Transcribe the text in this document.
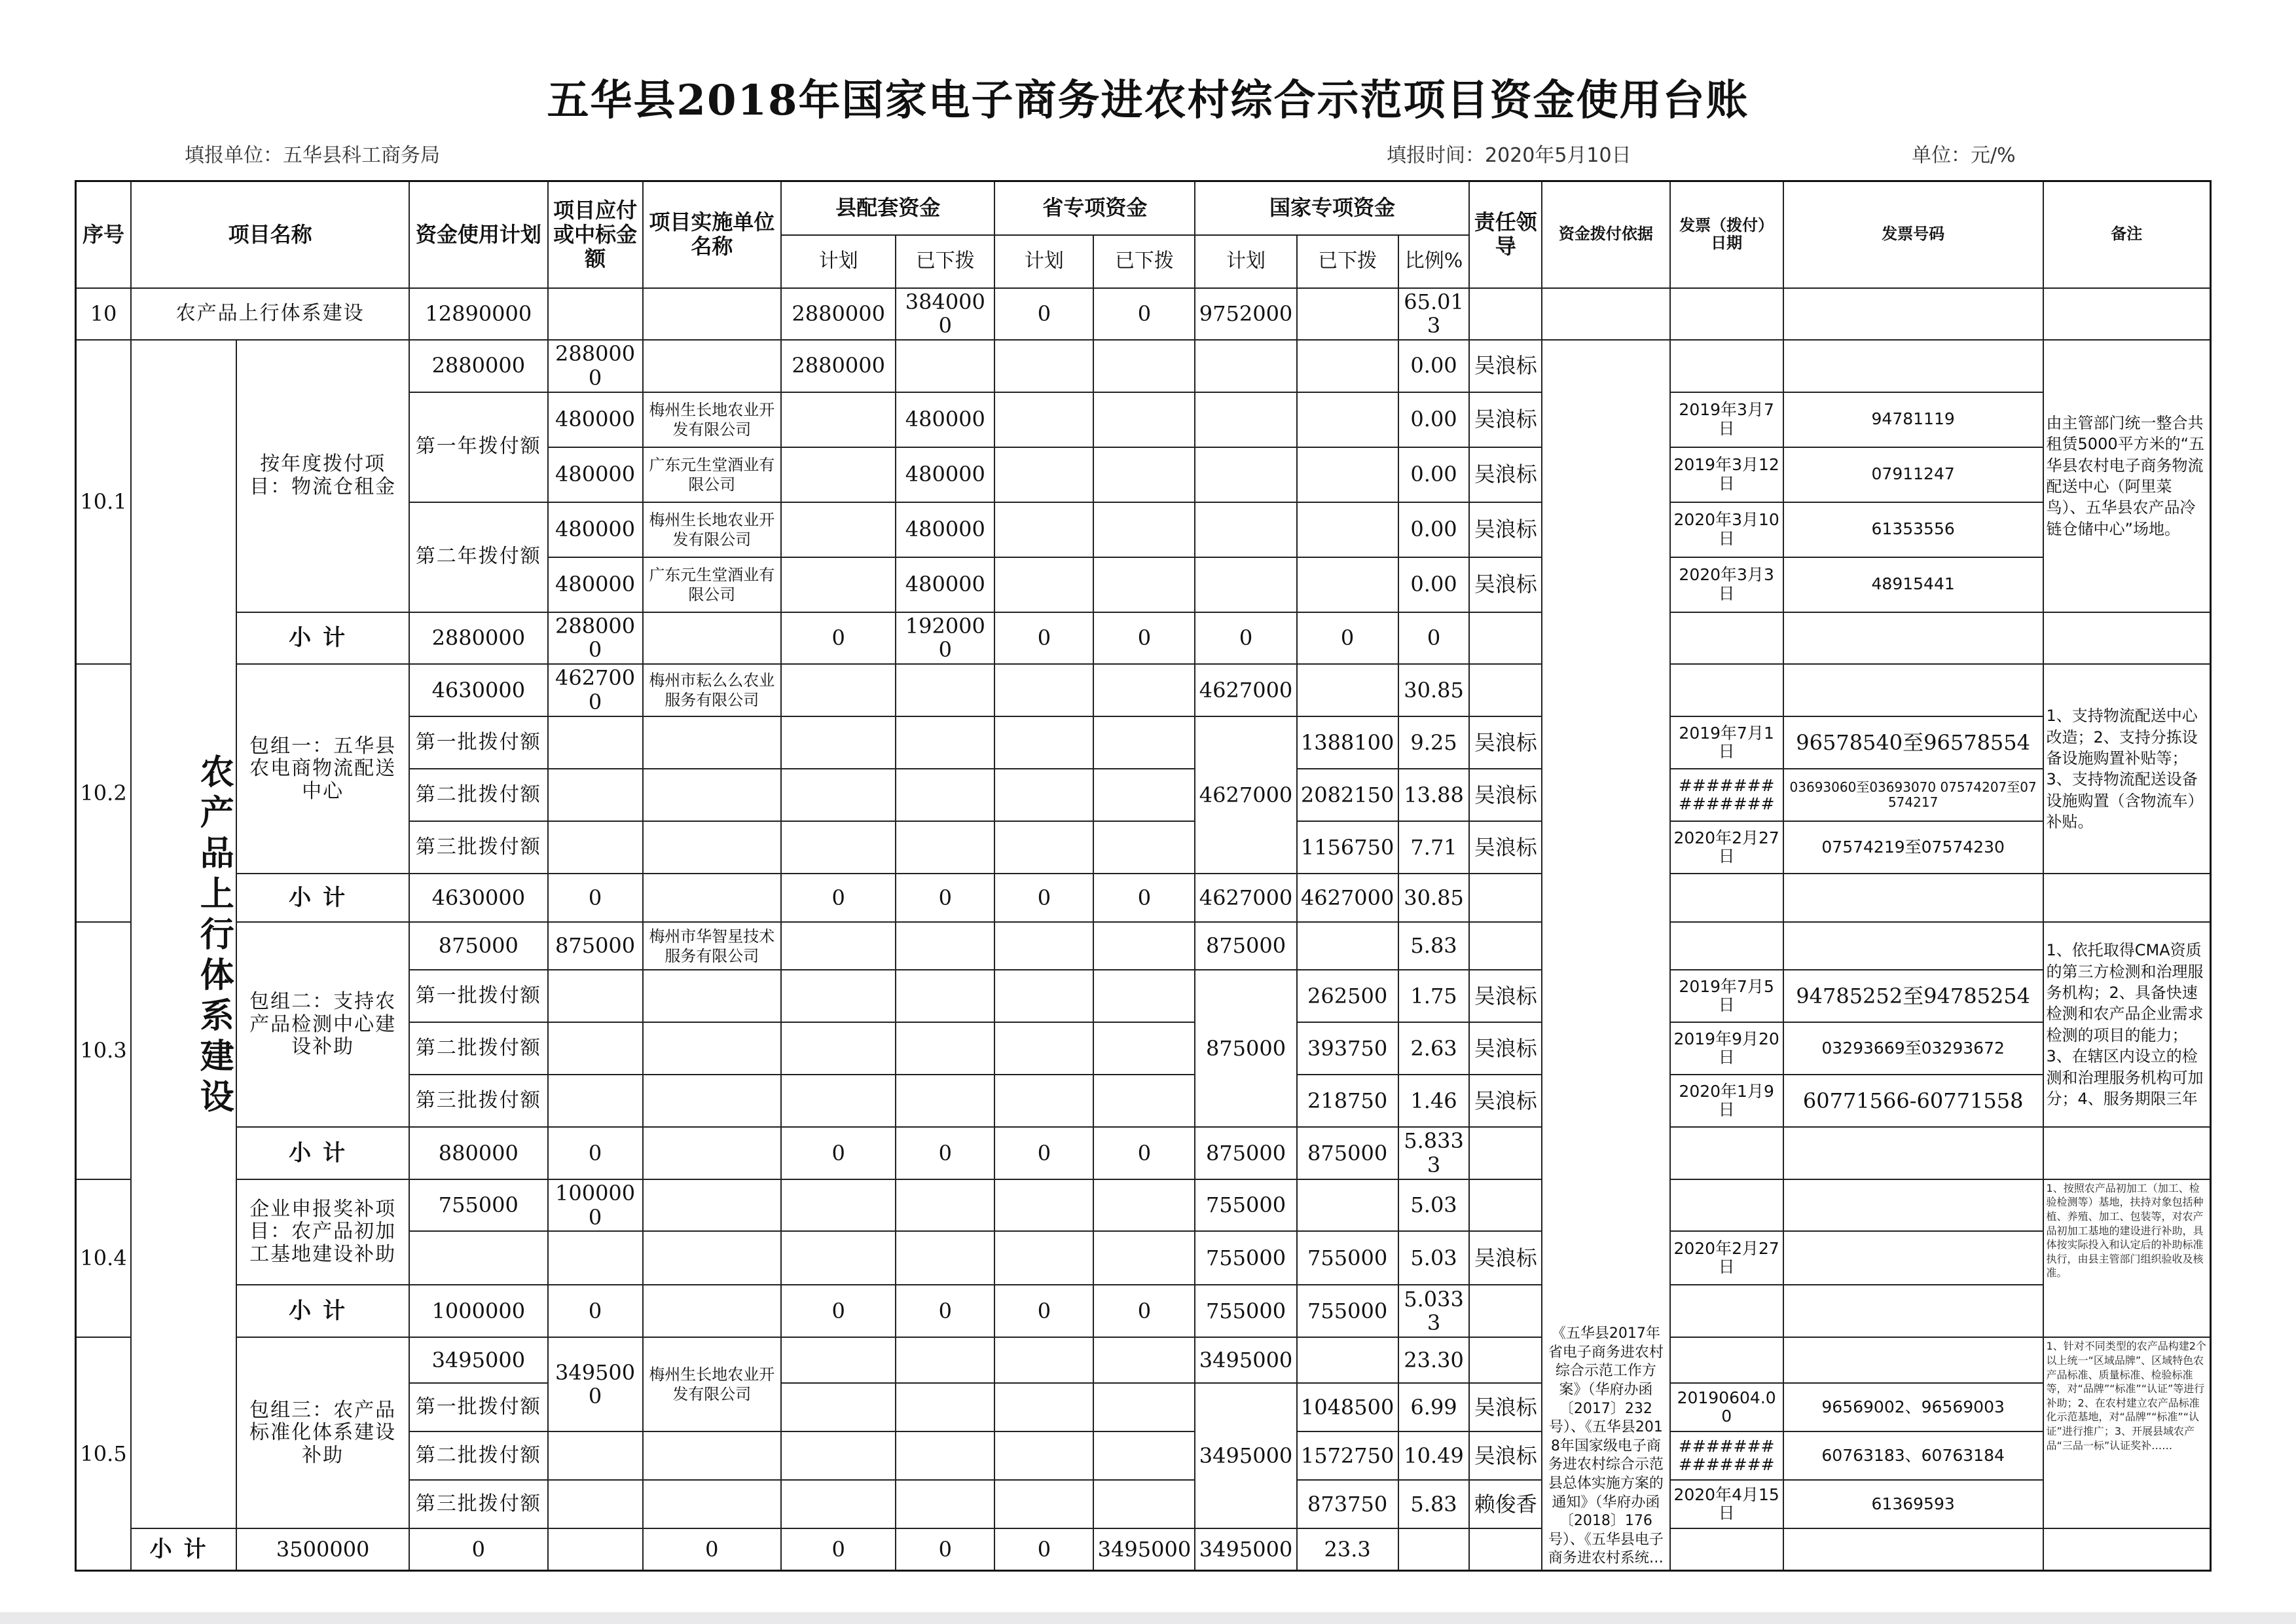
五华县2018年国家电子商务进农村综合示范项目资金使用台账
填报单位：五华县科工商务局	填报时间：2020年5月10日	单位：元/%
序号	项目名称		资金使用计划	项目应付或中标金额	项目实施单位名称	县配套资金		省专项资金		国家专项资金			责任领导	资金拨付依据	发票（拨付）日期	发票号码	备注
						计划	已下拨	计划	已下拨	计划	已下拨	比例%					
10	农产品上行体系建设		12890000			2880000	3840000	0	0	9752000		65.013					
10.1	农产品上行体系建设	按年度拨付项目：物流仓租金	2880000	2880000		2880000						0.00	吴浪标	《五华县2017年省电子商务进农村综合示范工作方案》（华府办函〔2017〕232号）、《五华县2018年国家级电子商务进农村综合示范县总体实施方案的通知》（华府办函〔2018〕176号）、《五华县电子商务进农村系统…			由主管部门统一整合共租赁5000平方米的“五华县农村电子商务物流配送中心（阿里菜鸟）、五华县农产品冷链仓储中心”场地。
			第一年拨付额	480000	梅州生长地农业开发有限公司		480000					0.00	吴浪标		2019年3月7日	94781119	
				480000	广东元生堂酒业有限公司		480000					0.00	吴浪标		2019年3月12日	07911247	
			第二年拨付额	480000	梅州生长地农业开发有限公司		480000					0.00	吴浪标		2020年3月10日	61353556	
				480000	广东元生堂酒业有限公司		480000					0.00	吴浪标		2020年3月3日	48915441	
		小计	2880000	2880000		0	1920000	0	0	0	0	0					
10.2		包组一：五华县农电商物流配送中心	4630000	4627000	梅州市耘么么农业服务有限公司					4627000		30.85					1、支持物流配送中心改造；2、支持分拣设备设施购置补贴等；3、支持物流配送设备设施购置（含物流车）补贴。
			第一批拨付额							4627000	1388100	9.25	吴浪标		2019年7月1日	96578540至96578554	
			第二批拨付额								2082150	13.88	吴浪标		##############	03693060至03693070 07574207至07574217	
			第三批拨付额								1156750	7.71	吴浪标		2020年2月27日	07574219至07574230	
		小计	4630000	0		0	0	0	0	4627000	4627000	30.85					
10.3		包组二：支持农产品检测中心建设补助	875000	875000	梅州市华智星技术服务有限公司					875000		5.83					1、依托取得CMA资质的第三方检测和治理服务机构；2、具备快速检测和农产品企业需求检测的项目的能力；3、在辖区内设立的检测和治理服务机构可加分；4、服务期限三年
			第一批拨付额							875000	262500	1.75	吴浪标		2019年7月5日	94785252至94785254	
			第二批拨付额								393750	2.63	吴浪标		2019年9月20日	03293669至03293672	
			第三批拨付额								218750	1.46	吴浪标		2020年1月9日	60771566-60771558	
		小计	880000	0		0	0	0	0	875000	875000	5.8333					
10.4		企业申报奖补项目：农产品初加工基地建设补助	755000	1000000						755000		5.03					1、按照农产品初加工（加工、检验检测等）基地，扶持对象包括种植、养殖、加工、包装等，对农产品初加工基地的建设进行补助，具体按实际投入和认定后的补助标准执行，由县主管部门组织验收及核准。
										755000	755000	5.03	吴浪标		2020年2月27日		
		小计	1000000	0		0	0	0	0	755000	755000	5.0333					
10.5		包组三：农产品标准化体系建设补助	3495000	3495000	梅州生长地农业开发有限公司					3495000		23.30					1、针对不同类型的农产品构建2个以上统一“区域品牌”、区域特色农产品标准、质量标准、检验标准等，对“品牌”“标准”“认证”等进行补助；2、在农村建立农产品标准化示范基地，对“品牌”“标准”“认证”进行推广；3、开展县域农产品“三品一标”认证奖补……
			第一批拨付额							3495000	1048500	6.99	吴浪标		20190604.00	96569002、96569003	
			第二批拨付额								1572750	10.49	吴浪标		##############	60763183、60763184	
			第三批拨付额								873750	5.83	赖俊香		2020年4月15日	61369593	
	小计	3500000	0		0	0	0	0	3495000	3495000	23.3						
